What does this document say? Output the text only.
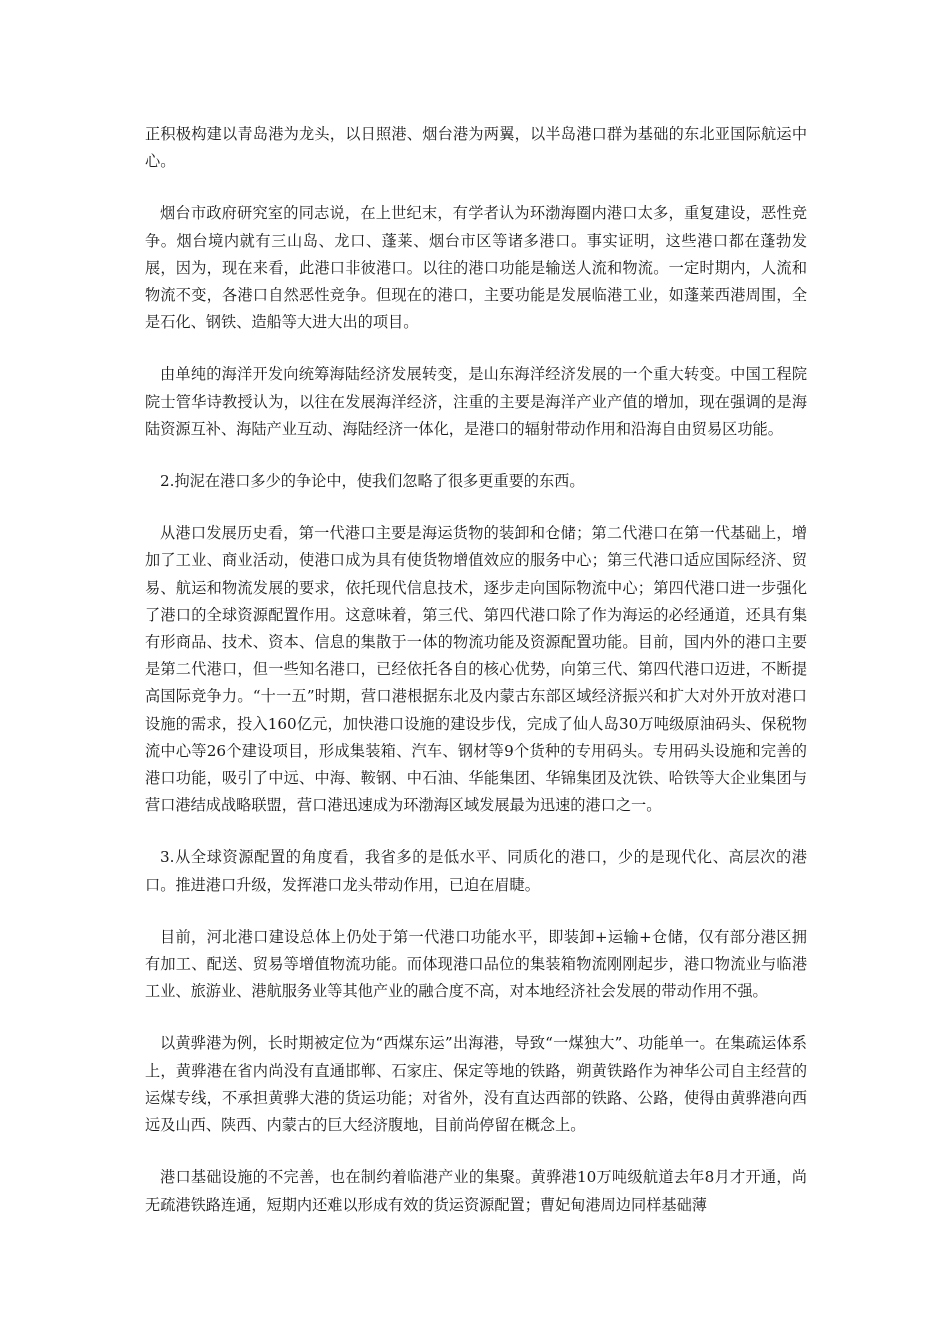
正积极构建以青岛港为龙头，以日照港、烟台港为两翼，以半岛港口群为基础的东北亚国际航运中心。

烟台市政府研究室的同志说，在上世纪末，有学者认为环渤海圈内港口太多，重复建设，恶性竞争。烟台境内就有三山岛、龙口、蓬莱、烟台市区等诸多港口。事实证明，这些港口都在蓬勃发展，因为，现在来看，此港口非彼港口。以往的港口功能是输送人流和物流。一定时期内，人流和物流不变，各港口自然恶性竞争。但现在的港口，主要功能是发展临港工业，如蓬莱西港周围，全是石化、钢铁、造船等大进大出的项目。

由单纯的海洋开发向统筹海陆经济发展转变，是山东海洋经济发展的一个重大转变。中国工程院院士管华诗教授认为，以往在发展海洋经济，注重的主要是海洋产业产值的增加，现在强调的是海陆资源互补、海陆产业互动、海陆经济一体化，是港口的辐射带动作用和沿海自由贸易区功能。

2.拘泥在港口多少的争论中，使我们忽略了很多更重要的东西。

从港口发展历史看，第一代港口主要是海运货物的装卸和仓储；第二代港口在第一代基础上，增加了工业、商业活动，使港口成为具有使货物增值效应的服务中心；第三代港口适应国际经济、贸易、航运和物流发展的要求，依托现代信息技术，逐步走向国际物流中心；第四代港口进一步强化了港口的全球资源配置作用。这意味着，第三代、第四代港口除了作为海运的必经通道，还具有集有形商品、技术、资本、信息的集散于一体的物流功能及资源配置功能。目前，国内外的港口主要是第二代港口，但一些知名港口，已经依托各自的核心优势，向第三代、第四代港口迈进，不断提高国际竞争力。“十一五”时期，营口港根据东北及内蒙古东部区域经济振兴和扩大对外开放对港口设施的需求，投入160亿元，加快港口设施的建设步伐，完成了仙人岛30万吨级原油码头、保税物流中心等26个建设项目，形成集装箱、汽车、钢材等9个货种的专用码头。专用码头设施和完善的港口功能，吸引了中远、中海、鞍钢、中石油、华能集团、华锦集团及沈铁、哈铁等大企业集团与营口港结成战略联盟，营口港迅速成为环渤海区域发展最为迅速的港口之一。

3.从全球资源配置的角度看，我省多的是低水平、同质化的港口，少的是现代化、高层次的港口。推进港口升级，发挥港口龙头带动作用，已迫在眉睫。

目前，河北港口建设总体上仍处于第一代港口功能水平，即装卸+运输+仓储，仅有部分港区拥有加工、配送、贸易等增值物流功能。而体现港口品位的集装箱物流刚刚起步，港口物流业与临港工业、旅游业、港航服务业等其他产业的融合度不高，对本地经济社会发展的带动作用不强。

以黄骅港为例，长时期被定位为“西煤东运”出海港，导致“一煤独大”、功能单一。在集疏运体系上，黄骅港在省内尚没有直通邯郸、石家庄、保定等地的铁路，朔黄铁路作为神华公司自主经营的运煤专线，不承担黄骅大港的货运功能；对省外，没有直达西部的铁路、公路，使得由黄骅港向西远及山西、陕西、内蒙古的巨大经济腹地，目前尚停留在概念上。

港口基础设施的不完善，也在制约着临港产业的集聚。黄骅港10万吨级航道去年8月才开通，尚无疏港铁路连通，短期内还难以形成有效的货运资源配置；曹妃甸港周边同样基础薄
